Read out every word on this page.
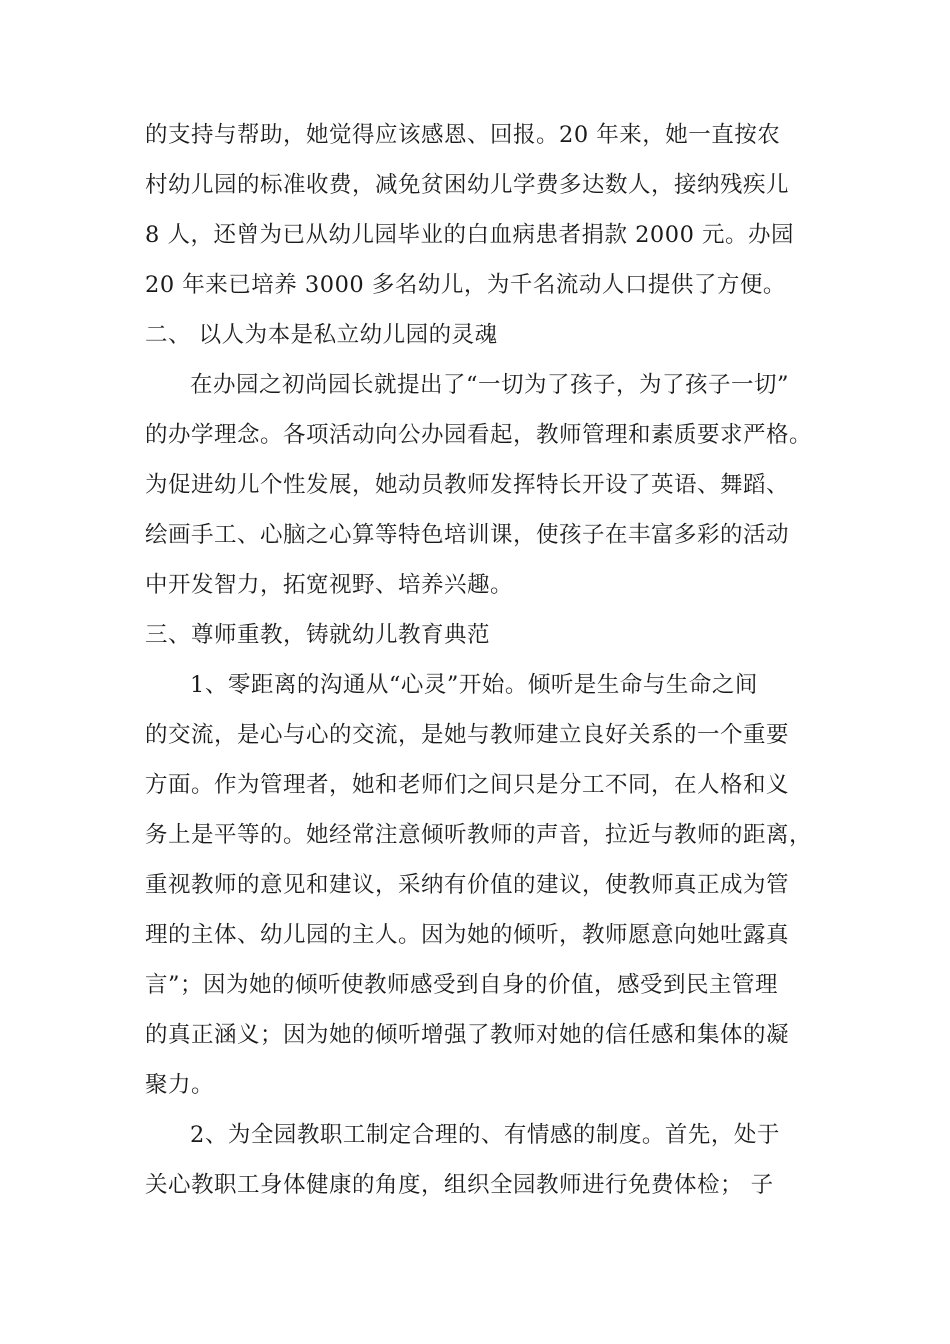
的支持与帮助，她觉得应该感恩、回报。20 年来，她一直按农
村幼儿园的标准收费，减免贫困幼儿学费多达数人，接纳残疾儿
8 人，还曾为已从幼儿园毕业的白血病患者捐款 2000 元。办园
20 年来已培养 3000 多名幼儿，为千名流动人口提供了方便。
二、 以人为本是私立幼儿园的灵魂
在办园之初尚园长就提出了“一切为了孩子，为了孩子一切”
的办学理念。各项活动向公办园看起，教师管理和素质要求严格。
为促进幼儿个性发展，她动员教师发挥特长开设了英语、舞蹈、
绘画手工、心脑之心算等特色培训课，使孩子在丰富多彩的活动
中开发智力，拓宽视野、培养兴趣。
三、尊师重教，铸就幼儿教育典范
1、零距离的沟通从“心灵”开始。倾听是生命与生命之间
的交流，是心与心的交流，是她与教师建立良好关系的一个重要
方面。作为管理者，她和老师们之间只是分工不同，在人格和义
务上是平等的。她经常注意倾听教师的声音，拉近与教师的距离，
重视教师的意见和建议，采纳有价值的建议，使教师真正成为管
理的主体、幼儿园的主人。因为她的倾听，教师愿意向她吐露真
言”；因为她的倾听使教师感受到自身的价值，感受到民主管理
的真正涵义；因为她的倾听增强了教师对她的信任感和集体的凝
聚力。
2、为全园教职工制定合理的、有情感的制度。首先，处于
关心教职工身体健康的角度，组织全园教师进行免费体检； 子
